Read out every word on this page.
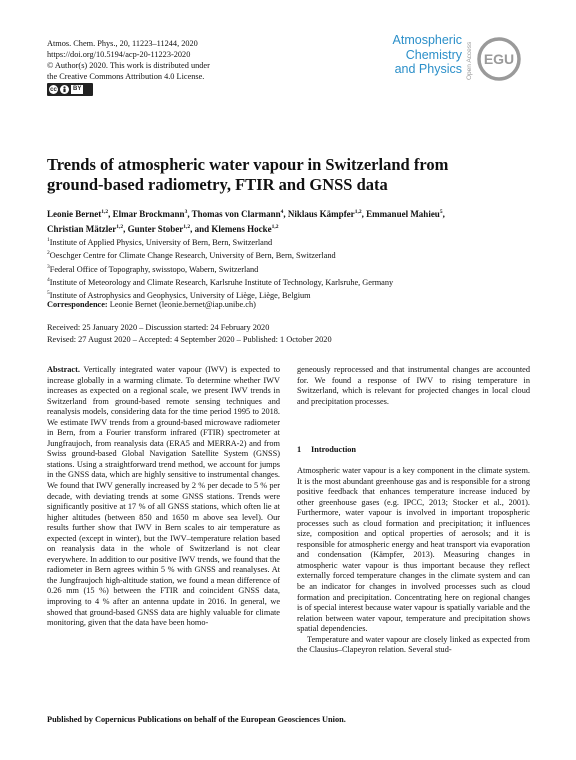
Atmos. Chem. Phys., 20, 11223–11244, 2020
https://doi.org/10.5194/acp-20-11223-2020
© Author(s) 2020. This work is distributed under
the Creative Commons Attribution 4.0 License.
cc	BY
Atmospheric
Chemistry
and Physics Open Access EGU
Trends of atmospheric water vapour in Switzerland from
ground-based radiometry, FTIR and GNSS data
Leonie Bernet$^{1,2}$, Elmar Brockmann$^3$, Thomas von Clarmann$^4$, Niklaus Kämpfer$^{1,2}$, Emmanuel Mahieu$^5$,
Christian Mätzler$^{1,2}$, Gunter Stober$^{1,2}$, and Klemens Hocke$^{1,2}$
$^1$Institute of Applied Physics, University of Bern, Bern, Switzerland
$^2$Oeschger Centre for Climate Change Research, University of Bern, Bern, Switzerland
$^3$Federal Office of Topography, swisstopo, Wabern, Switzerland
$^4$Institute of Meteorology and Climate Research, Karlsruhe Institute of Technology, Karlsruhe, Germany
$^5$Institute of Astrophysics and Geophysics, University of Liège, Liège, Belgium
Correspondence: Leonie Bernet (leonie.bernet@iap.unibe.ch)
Received: 25 January 2020 – Discussion started: 24 February 2020
Revised: 27 August 2020 – Accepted: 4 September 2020 – Published: 1 October 2020
Abstract. Vertically integrated water vapour (IWV) is expected to increase globally in a warming climate. To determine whether IWV increases as expected on a regional scale, we present IWV trends in Switzerland from ground-based remote sensing techniques and reanalysis models, considering data for the time period 1995 to 2018. We estimate IWV trends from a ground-based microwave radiometer in Bern, from a Fourier transform infrared (FTIR) spectrometer at Jungfraujoch, from reanalysis data (ERA5 and MERRA-2) and from Swiss ground-based Global Navigation Satellite System (GNSS) stations. Using a straightforward trend method, we account for jumps in the GNSS data, which are highly sensitive to instrumental changes. We found that IWV generally increased by 2 % per decade to 5 % per decade, with deviating trends at some GNSS stations. Trends were significantly positive at 17 % of all GNSS stations, which often lie at higher altitudes (between 850 and 1650 m above sea level). Our results further show that IWV in Bern scales to air temperature as expected (except in winter), but the IWV–temperature relation based on reanalysis data in the whole of Switzerland is not clear everywhere. In addition to our positive IWV trends, we found that the radiometer in Bern agrees within 5 % with GNSS and reanalyses. At the Jungfraujoch high-altitude station, we found a mean difference of 0.26 mm (15 %) between the FTIR and coincident GNSS data, improving to 4 % after an antenna update in 2016. In general, we showed that ground-based GNSS data are highly valuable for climate monitoring, given that the data have been homo-
geneously reprocessed and that instrumental changes are accounted for. We found a response of IWV to rising temperature in Switzerland, which is relevant for projected changes in local cloud and precipitation processes.
1 Introduction

Atmospheric water vapour is a key component in the climate system. It is the most abundant greenhouse gas and is responsible for a strong positive feedback that enhances temperature increase induced by other greenhouse gases (e.g. IPCC, 2013; Stocker et al., 2001). Furthermore, water vapour is involved in important tropospheric processes such as cloud formation and precipitation; it influences size, composition and optical properties of aerosols; and it is responsible for atmospheric energy and heat transport via evaporation and condensation (Kämpfer, 2013). Measuring changes in atmospheric water vapour is thus important because they reflect externally forced temperature changes in the climate system and can be an indicator for changes in involved processes such as cloud formation and precipitation. Concentrating here on regional changes is of special interest because water vapour is spatially variable and the relation between water vapour, temperature and precipitation shows spatial dependencies.

Temperature and water vapour are closely linked as expected from the Clausius–Clapeyron relation. Several stud-

Published by Copernicus Publications on behalf of the European Geosciences Union.
